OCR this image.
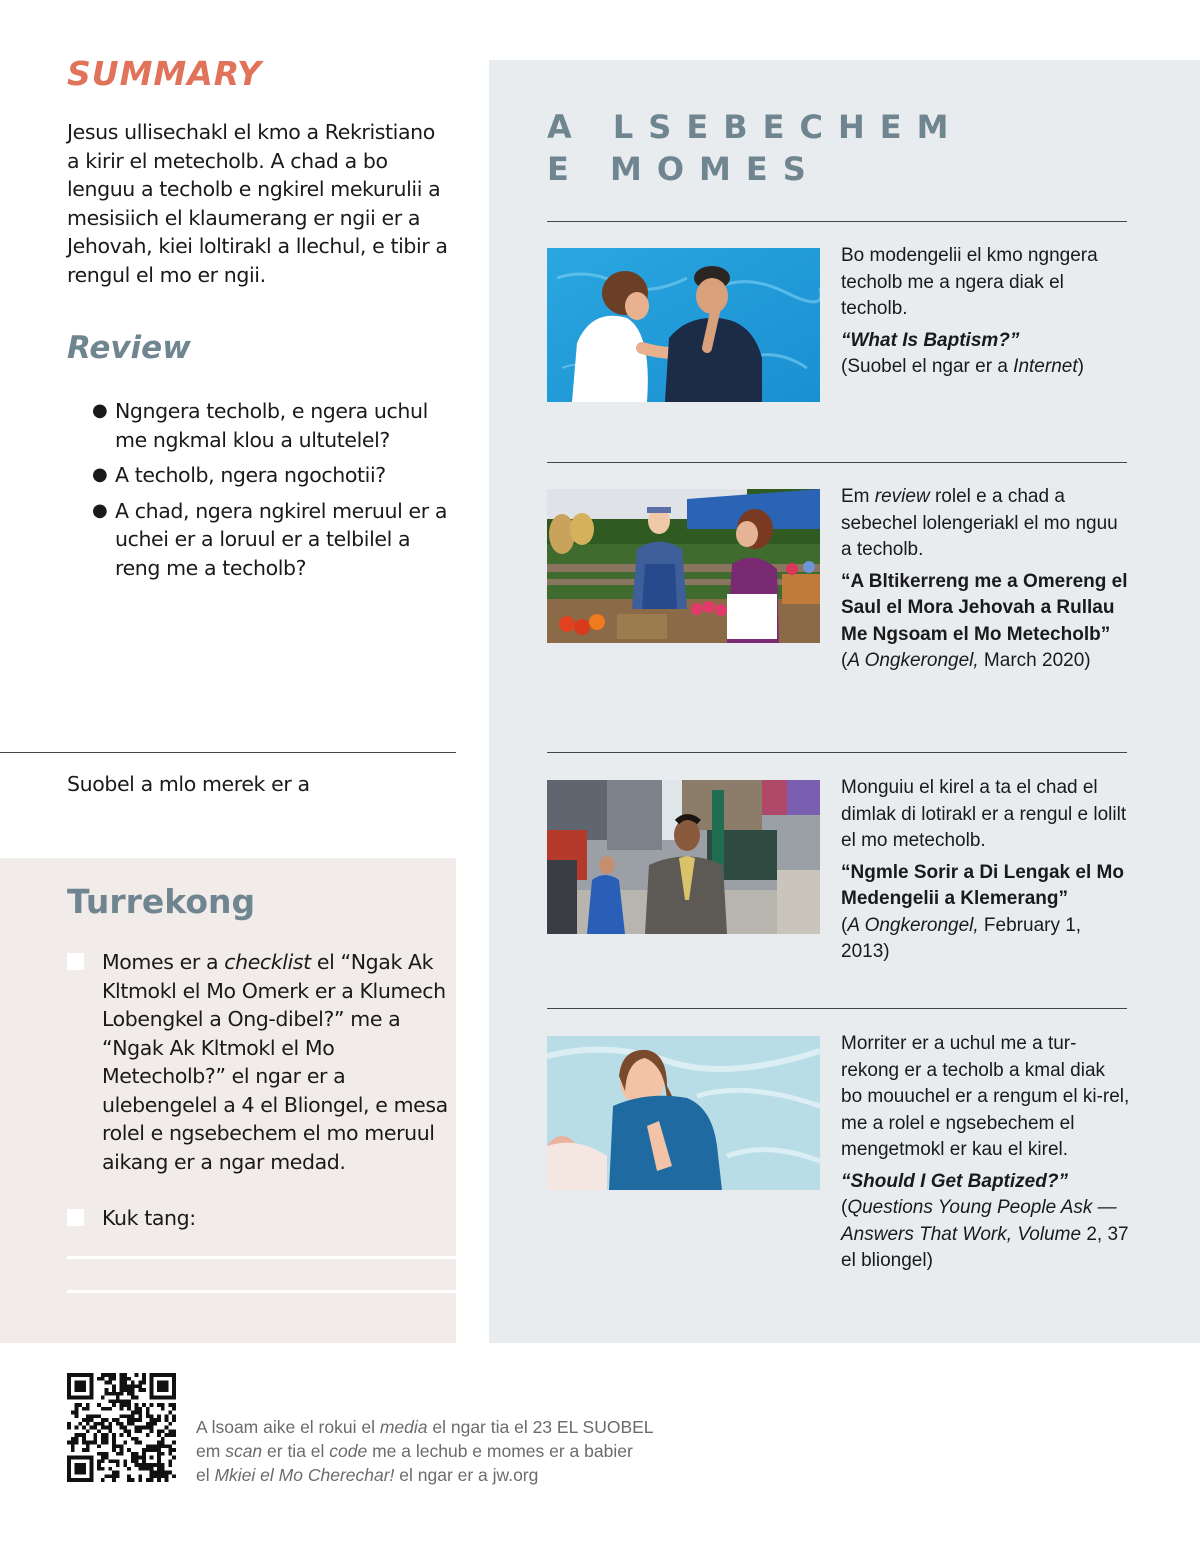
SUMMARY
Jesus ullisechakl el kmo a Rekristiano a kirir el metecholb. A chad a bo lenguu a techolb e ngkirel mekurulii a mesisiich el klaumerang er ngii er a Jehovah, kiei loltirakl a llechul, e tibir a rengul el mo er ngii.
Review
● Ngngera techolb, e ngera uchul me ngkmal klou a ultutelel?
● A techolb, ngera ngochotii?
● A chad, ngera ngkirel meruul er a uchei er a loruul er a telbilel a reng me a techolb?
Suobel a mlo merek er a
Turrekong
Momes er a checklist el “Ngak Ak Kltmokl el Mo Omerk er a Klumech Lobengkel a Ong-dibel?” me a “Ngak Ak Kltmokl el Mo Metecholb?” el ngar er a ulebengelel a 4 el Bliongel, e mesa rolel e ngsebechem el mo meruul aikang er a ngar medad.
Kuk tang:
A LSEBECHEM
E MOMES
Bo modengelii el kmo ngngera techolb me a ngera diak el techolb.
“What Is Baptism?”
(Suobel el ngar er a Internet)
Em review rolel e a chad a sebechel lolengeriakl el mo nguu a techolb.
“A Bltikerreng me a Omereng el Saul el Mora Jehovah a Rullau Me Ngsoam el Mo Metecholb” (A Ongkerongel, March 2020)
Monguiu el kirel a ta el chad el dimlak di lotirakl er a rengul e lolilt el mo metecholb.
“Ngmle Sorir a Di Lengak el Mo Medengelii a Klemerang”
(A Ongkerongel, February 1, 2013)
Morriter er a uchul me a tur-rekong er a techolb a kmal diak bo mouuchel er a rengum el ki-rel, me a rolel e ngsebechem el mengetmokl er kau el kirel.
“Should I Get Baptized?”
(Questions Young People Ask —Answers That Work, Volume 2, 37 el bliongel)
A lsoam aike el rokui el media el ngar tia el 23 EL SUOBEL
em scan er tia el code me a lechub e momes er a babier
el Mkiei el Mo Cherechar! el ngar er a jw.org
